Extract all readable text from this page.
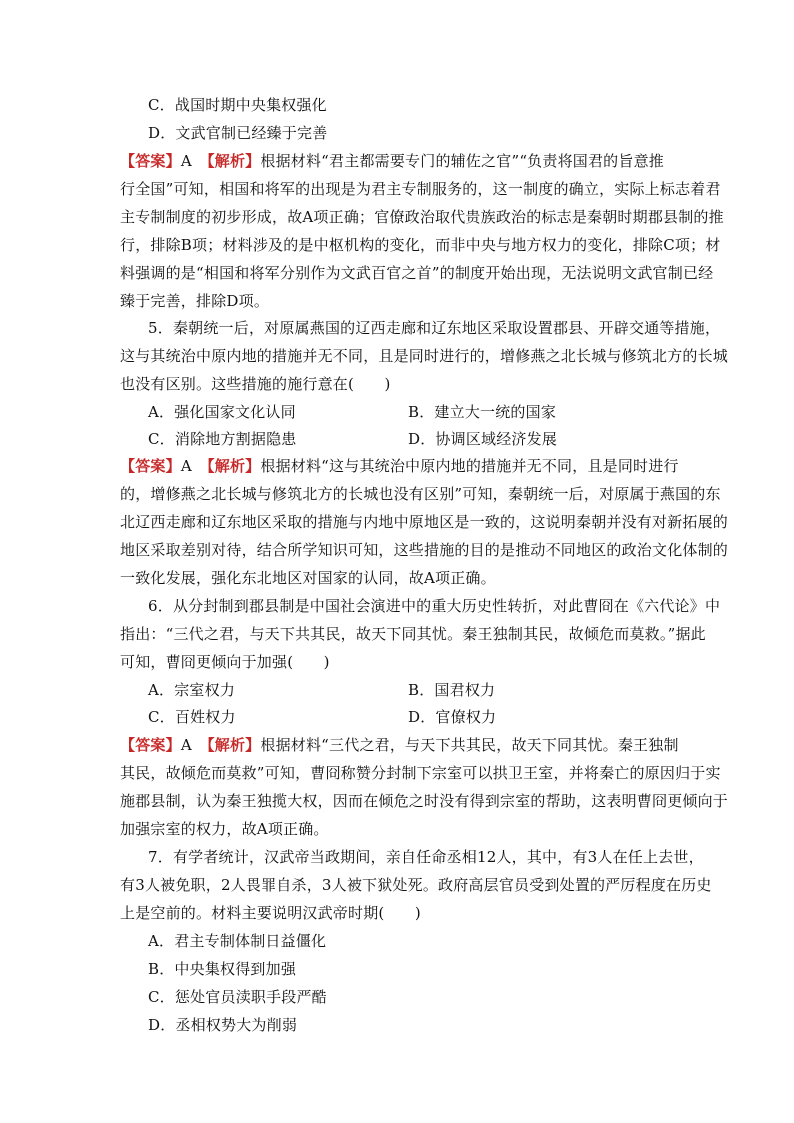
C．战国时期中央集权强化
D．文武官制已经臻于完善
【答案】A　 【解析】根据材料“君主都需要专门的辅佐之官”“负责将国君的旨意推
行全国”可知，相国和将军的出现是为君主专制服务的，这一制度的确立，实际上标志着君
主专制制度的初步形成，故A项正确；官僚政治取代贵族政治的标志是秦朝时期郡县制的推
行，排除B项；材料涉及的是中枢机构的变化，而非中央与地方权力的变化，排除C项；材
料强调的是“相国和将军分别作为文武百官之首”的制度开始出现，无法说明文武官制已经
臻于完善，排除D项。
5．秦朝统一后，对原属燕国的辽西走廊和辽东地区采取设置郡县、开辟交通等措施，
这与其统治中原内地的措施并无不同，且是同时进行的，增修燕之北长城与修筑北方的长城
也没有区别。这些措施的施行意在(　　)
A．强化国家文化认同	B．建立大一统的国家
C．消除地方割据隐患	D．协调区域经济发展
【答案】A　 【解析】根据材料“这与其统治中原内地的措施并无不同，且是同时进行
的，增修燕之北长城与修筑北方的长城也没有区别”可知，秦朝统一后，对原属于燕国的东
北辽西走廊和辽东地区采取的措施与内地中原地区是一致的，这说明秦朝并没有对新拓展的
地区采取差别对待，结合所学知识可知，这些措施的目的是推动不同地区的政治文化体制的
一致化发展，强化东北地区对国家的认同，故A项正确。
6．从分封制到郡县制是中国社会演进中的重大历史性转折，对此曹冏在《六代论》中
指出：“三代之君，与天下共其民，故天下同其忧。秦王独制其民，故倾危而莫救。”据此
可知，曹冏更倾向于加强(　　)
A．宗室权力	B．国君权力
C．百姓权力	D．官僚权力
【答案】A　 【解析】根据材料“三代之君，与天下共其民，故天下同其忧。秦王独制
其民，故倾危而莫救”可知，曹冏称赞分封制下宗室可以拱卫王室，并将秦亡的原因归于实
施郡县制，认为秦王独揽大权，因而在倾危之时没有得到宗室的帮助，这表明曹冏更倾向于
加强宗室的权力，故A项正确。
7．有学者统计，汉武帝当政期间，亲自任命丞相12人，其中，有3人在任上去世，
有3人被免职，2人畏罪自杀，3人被下狱处死。政府高层官员受到处置的严厉程度在历史
上是空前的。材料主要说明汉武帝时期(　　)
A．君主专制体制日益僵化
B．中央集权得到加强
C．惩处官员渎职手段严酷
D．丞相权势大为削弱
